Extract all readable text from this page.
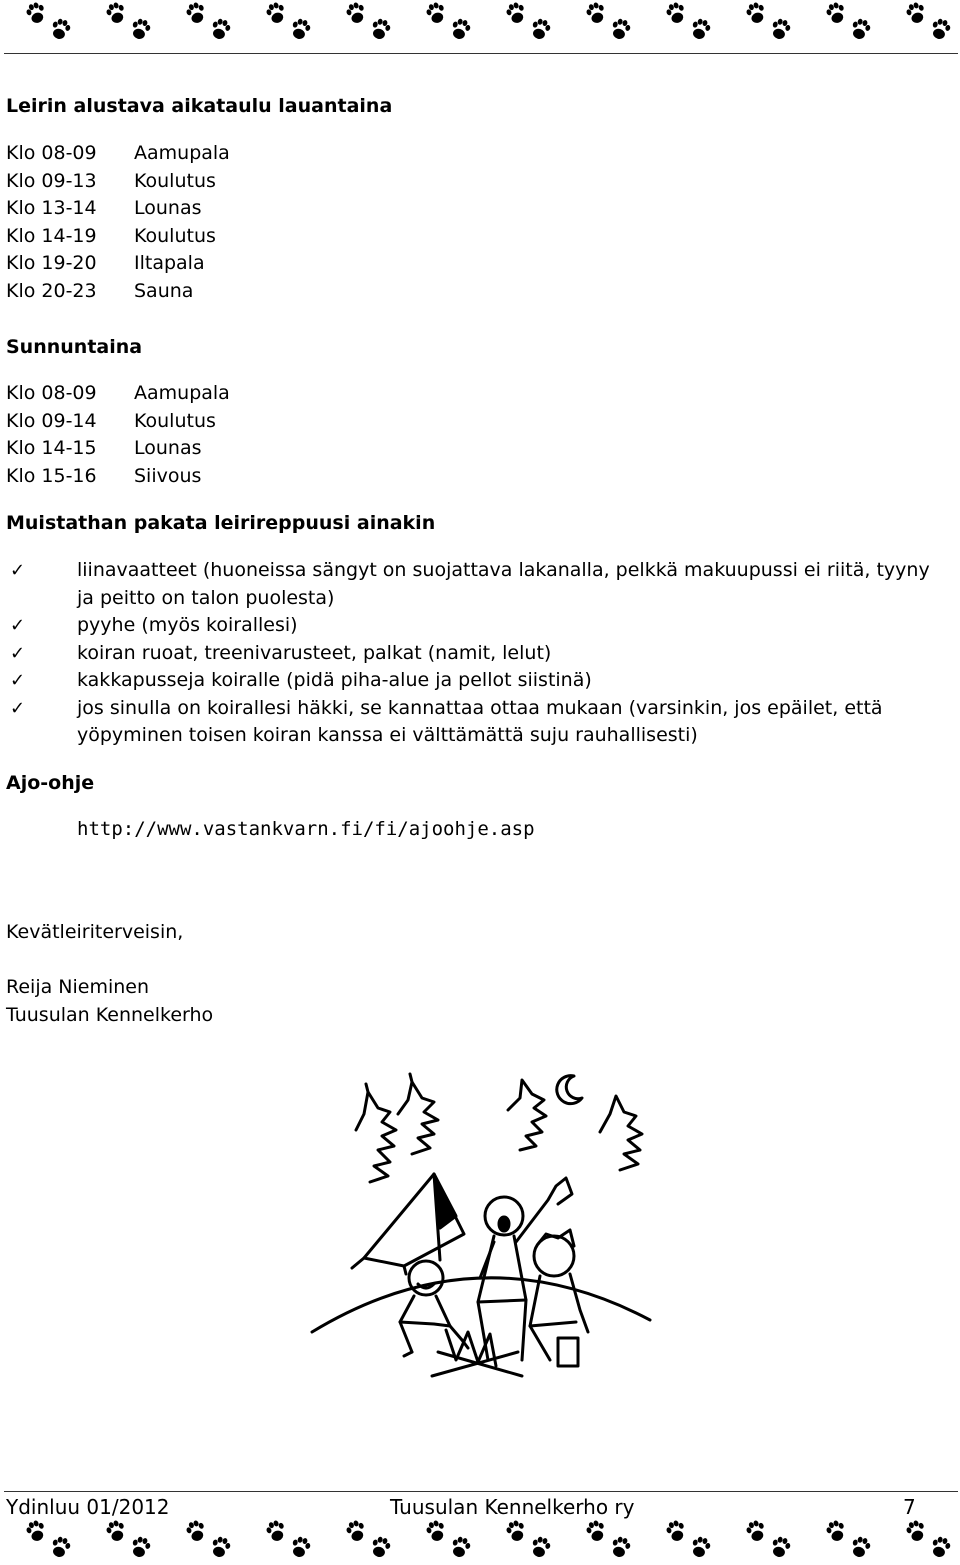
Leirin alustava aikataulu lauantaina
Klo 08-09	Aamupala
Klo 09-13	Koulutus
Klo 13-14	Lounas
Klo 14-19	Koulutus
Klo 19-20	Iltapala
Klo 20-23	Sauna
Sunnuntaina
Klo 08-09	Aamupala
Klo 09-14	Koulutus
Klo 14-15	Lounas
Klo 15-16	Siivous
Muistathan pakata leirireppuusi ainakin
✓	liinavaatteet (huoneissa sängyt on suojattava lakanalla, pelkkä makuupussi ei riitä, tyyny ja peitto on talon puolesta)
✓	pyyhe (myös koirallesi)
✓	koiran ruoat, treenivarusteet, palkat (namit, lelut)
✓	kakkapusseja koiralle (pidä piha-alue ja pellot siistinä)
✓	jos sinulla on koirallesi häkki, se kannattaa ottaa mukaan (varsinkin, jos epäilet, että yöpyminen toisen koiran kanssa ei välttämättä suju rauhallisesti)
Ajo-ohje
http://www.vastankvarn.fi/fi/ajoohje.asp
Kevätleiriterveisin,
Reija Nieminen
Tuusulan Kennelkerho
Ydinluu 01/2012	Tuusulan Kennelkerho ry	7
